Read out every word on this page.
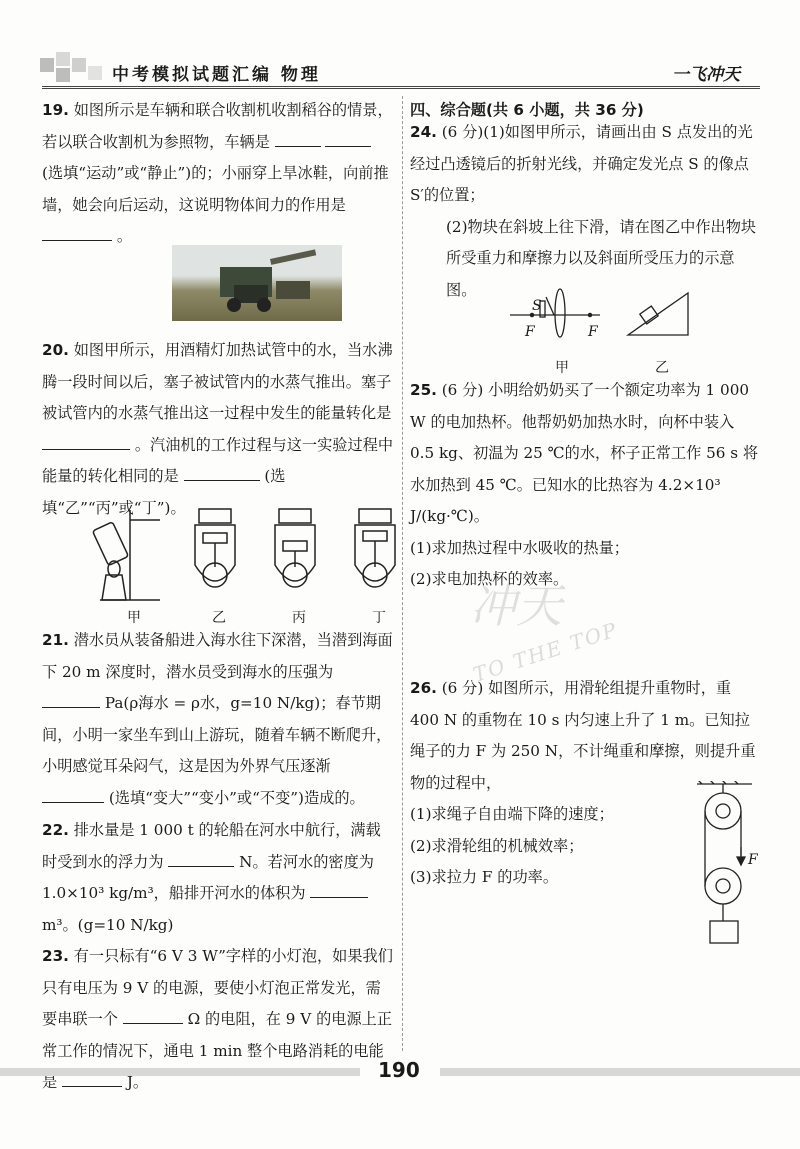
中考模拟试题汇编 物理	一飞冲天
19. 如图所示是车辆和联合收割机收割稻谷的情景，若以联合收割机为参照物，车辆是   (选填“运动”或“静止”)的；小丽穿上旱冰鞋，向前推墙，她会向后运动，这说明物体间力的作用是  。
20. 如图甲所示，用酒精灯加热试管中的水，当水沸腾一段时间以后，塞子被试管内的水蒸气推出。塞子被试管内的水蒸气推出这一过程中发生的能量转化是  。汽油机的工作过程与这一实验过程中能量的转化相同的是	(选填“乙”“丙”或“丁”)。
甲	乙	丙	丁
21. 潜水员从装备船进入海水往下深潜，当潜到海面下 20 m 深度时，潜水员受到海水的压强为  Pa(ρ海水 = ρ水，g=10 N/kg)；春节期间，小明一家坐车到山上游玩，随着车辆不断爬升，小明感觉耳朵闷气，这是因为外界气压逐渐  (选填“变大”“变小”或“不变”)造成的。
22. 排水量是 1 000 t 的轮船在河水中航行，满载时受到水的浮力为	N。若河水的密度为1.0×10³ kg/m³，船排开河水的体积为  m³。(g=10 N/kg)
23. 有一只标有“6 V 3 W”字样的小灯泡，如果我们只有电压为 9 V 的电源，要使小灯泡正常发光，需要串联一个	Ω 的电阻，在 9 V 的电源上正常工作的情况下，通电 1 min 整个电路消耗的电能是	J。
四、综合题(共 6 小题，共 36 分)
24. (6 分)(1)如图甲所示，请画出由 S 点发出的光经过凸透镜后的折射光线，并确定发光点 S 的像点 S′的位置；
(2)物块在斜坡上往下滑，请在图乙中作出物块所受重力和摩擦力以及斜面所受压力的示意图。
S
F	F
甲	乙
25. (6 分) 小明给奶奶买了一个额定功率为 1 000 W 的电加热杯。他帮奶奶加热水时，向杯中装入 0.5 kg、初温为 25 ℃的水，杯子正常工作 56 s 将水加热到 45 ℃。已知水的比热容为 4.2×10³ J/(kg·℃)。
(1)求加热过程中水吸收的热量；
(2)求电加热杯的效率。
26. (6 分) 如图所示，用滑轮组提升重物时，重 400 N 的重物在 10 s 内匀速上升了 1 m。已知拉绳子的力 F 为 250 N，不计绳重和摩擦，则提升重物的过程中，
(1)求绳子自由端下降的速度；
(2)求滑轮组的机械效率；
(3)求拉力 F 的功率。
F
冲天
TO THE TOP
190
